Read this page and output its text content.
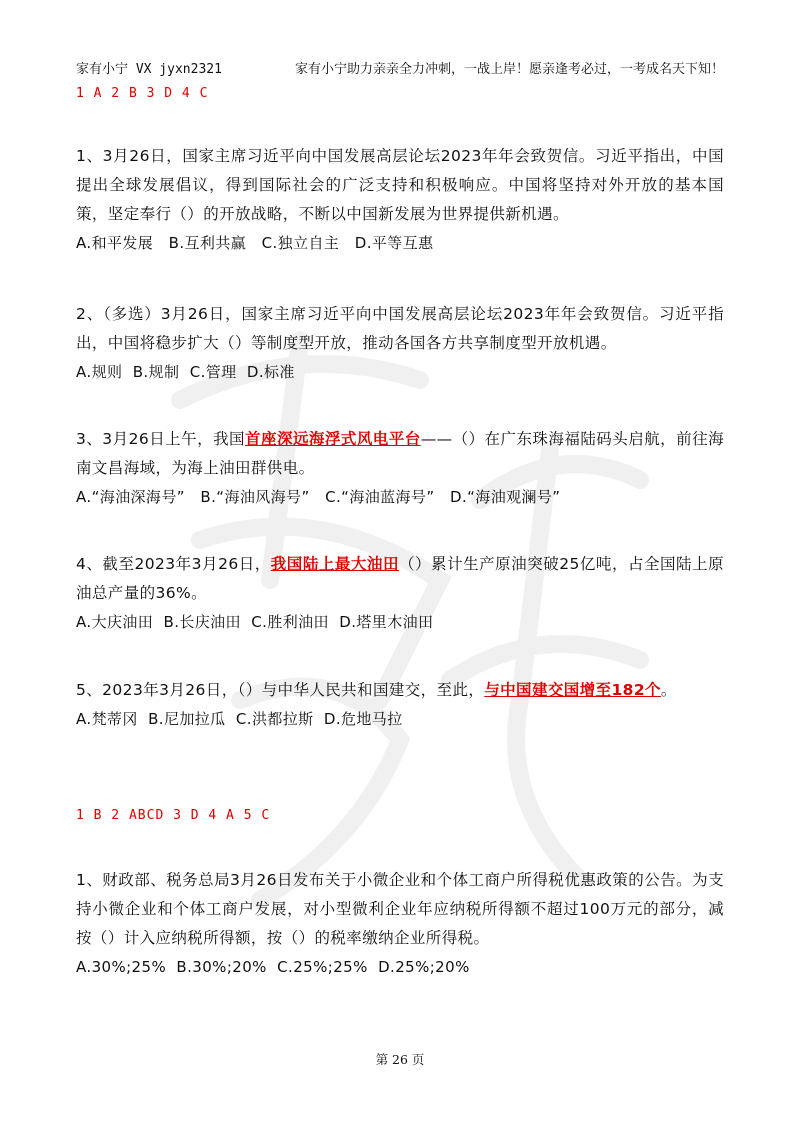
家有小宁 VX jyxn2321	家有小宁助力亲亲全力冲刺，一战上岸！愿亲逢考必过，一考成名天下知！
1 A 2 B 3 D 4 C
1、3月26日，国家主席习近平向中国发展高层论坛2023年年会致贺信。习近平指出，中国提出全球发展倡议，得到国际社会的广泛支持和积极响应。中国将坚持对外开放的基本国策，坚定奉行（）的开放战略，不断以中国新发展为世界提供新机遇。
A.和平发展   B.互利共赢   C.独立自主   D.平等互惠
2、（多选）3月26日，国家主席习近平向中国发展高层论坛2023年年会致贺信。习近平指出，中国将稳步扩大（）等制度型开放，推动各国各方共享制度型开放机遇。
A.规则  B.规制  C.管理  D.标准
3、3月26日上午，我国首座深远海浮式风电平台——（）在广东珠海福陆码头启航，前往海南文昌海域，为海上油田群供电。
A.“海油深海号”   B.“海油风海号”   C.“海油蓝海号”   D.“海油观澜号”
4、截至2023年3月26日，我国陆上最大油田（）累计生产原油突破25亿吨，占全国陆上原油总产量的36%。
A.大庆油田  B.长庆油田  C.胜利油田  D.塔里木油田
5、2023年3月26日，（）与中华人民共和国建交，至此，与中国建交国增至182个。
A.梵蒂冈  B.尼加拉瓜  C.洪都拉斯  D.危地马拉
1 B 2 ABCD 3 D 4 A 5 C
1、财政部、税务总局3月26日发布关于小微企业和个体工商户所得税优惠政策的公告。为支持小微企业和个体工商户发展，对小型微利企业年应纳税所得额不超过100万元的部分，减按（）计入应纳税所得额，按（）的税率缴纳企业所得税。
A.30%;25%  B.30%;20%  C.25%;25%  D.25%;20%
第 26 页
